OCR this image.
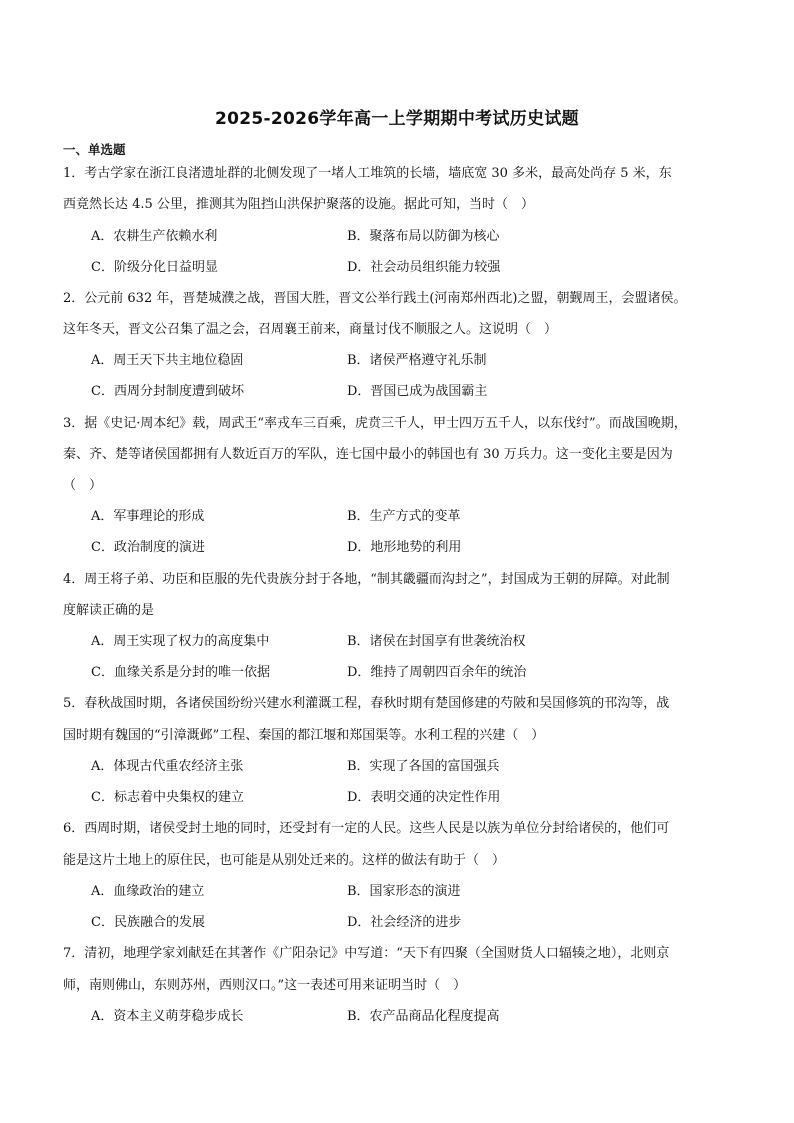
2025-2026学年高一上学期期中考试历史试题
一、单选题
1．考古学家在浙江良渚遗址群的北侧发现了一堵人工堆筑的长墙，墙底宽 30 多米，最高处尚存 5 米，东
西竟然长达 4.5 公里，推测其为阻挡山洪保护聚落的设施。据此可知，当时（　）
A．农耕生产依赖水利	B．聚落布局以防御为核心
C．阶级分化日益明显	D．社会动员组织能力较强
2．公元前 632 年，晋楚城濮之战，晋国大胜，晋文公举行践土(河南郑州西北)之盟，朝觐周王，会盟诸侯。
这年冬天，晋文公召集了温之会，召周襄王前来，商量讨伐不顺服之人。这说明（　）
A．周王天下共主地位稳固	B．诸侯严格遵守礼乐制
C．西周分封制度遭到破坏	D．晋国已成为战国霸主
3．据《史记·周本纪》载，周武王“率戎车三百乘，虎贲三千人，甲士四万五千人，以东伐纣”。而战国晚期，
秦、齐、楚等诸侯国都拥有人数近百万的军队，连七国中最小的韩国也有 30 万兵力。这一变化主要是因为
（　）
A．军事理论的形成	B．生产方式的变革
C．政治制度的演进	D．地形地势的利用
4．周王将子弟、功臣和臣服的先代贵族分封于各地，“制其畿疆而沟封之”，封国成为王朝的屏障。对此制
度解读正确的是
A．周王实现了权力的高度集中	B．诸侯在封国享有世袭统治权
C．血缘关系是分封的唯一依据	D．维持了周朝四百余年的统治
5．春秋战国时期，各诸侯国纷纷兴建水利灌溉工程，春秋时期有楚国修建的芍陂和吴国修筑的邗沟等，战
国时期有魏国的“引漳溉邺”工程、秦国的都江堰和郑国渠等。水利工程的兴建（　）
A．体现古代重农经济主张	B．实现了各国的富国强兵
C．标志着中央集权的建立	D．表明交通的决定性作用
6．西周时期，诸侯受封土地的同时，还受封有一定的人民。这些人民是以族为单位分封给诸侯的，他们可
能是这片土地上的原住民，也可能是从别处迁来的。这样的做法有助于（　）
A．血缘政治的建立	B．国家形态的演进
C．民族融合的发展	D．社会经济的进步
7．清初，地理学家刘献廷在其著作《广阳杂记》中写道：“天下有四聚（全国财货人口辐辏之地），北则京
师，南则佛山，东则苏州，西则汉口。”这一表述可用来证明当时（　）
A．资本主义萌芽稳步成长	B．农产品商品化程度提高
